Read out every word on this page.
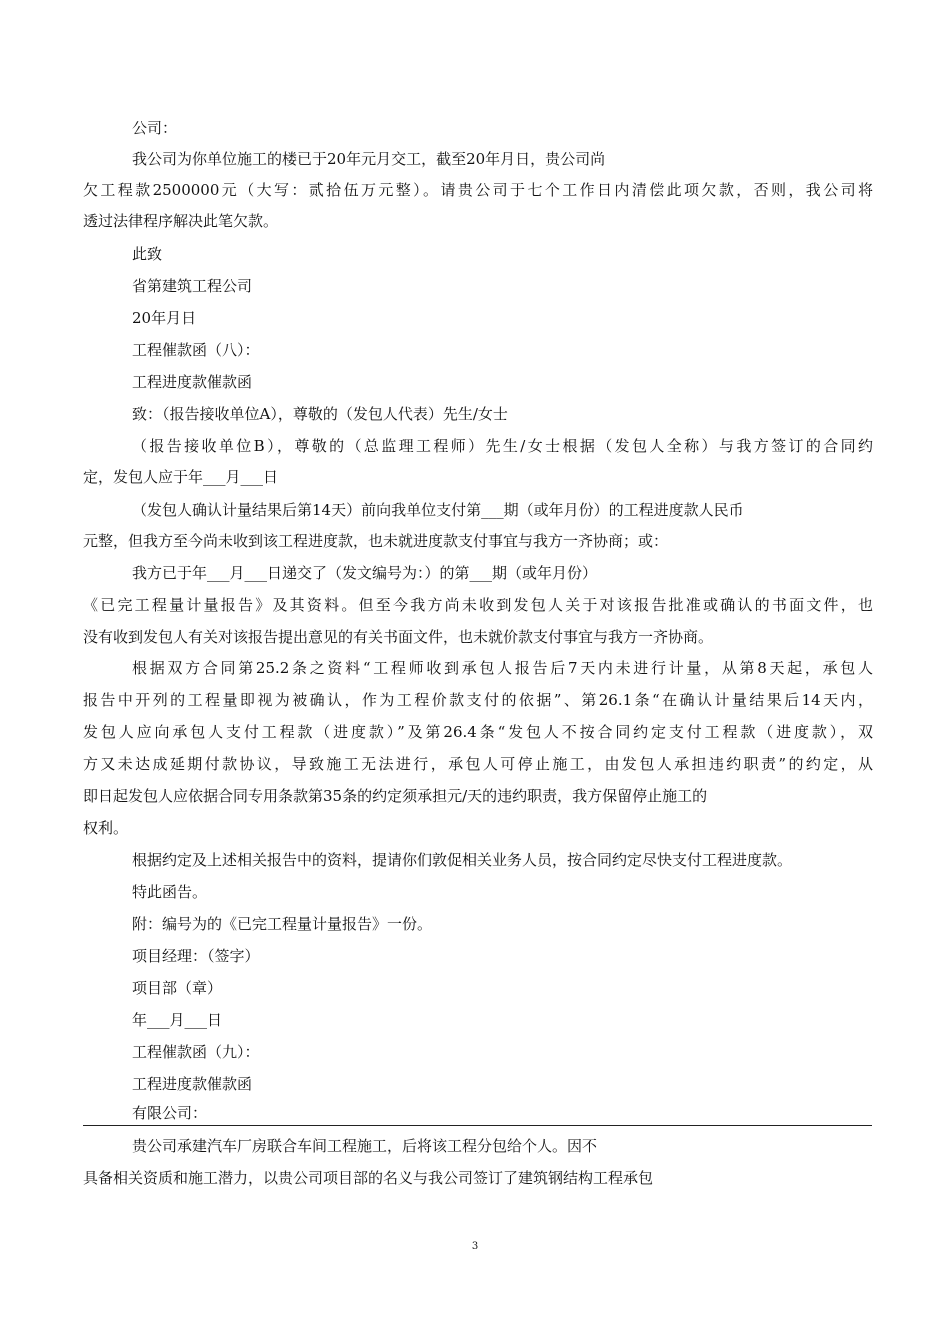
公司：
我公司为你单位施工的楼已于20年元月交工，截至20年月日，贵公司尚
欠工程款2500000元（大写：贰拾伍万元整）。请贵公司于七个工作日内清偿此项欠款，否则，我公司将
透过法律程序解决此笔欠款。
此致
省第建筑工程公司
20年月日
工程催款函（八）：
工程进度款催款函
致：（报告接收单位A），尊敬的（发包人代表）先生/女士
（报告接收单位B），尊敬的（总监理工程师）先生/女士根据（发包人全称）与我方签订的合同约
定，发包人应于年___月___日
（发包人确认计量结果后第14天）前向我单位支付第___期（或年月份）的工程进度款人民币
元整，但我方至今尚未收到该工程进度款，也未就进度款支付事宜与我方一齐协商；或：
我方已于年___月___日递交了（发文编号为：）的第___期（或年月份）
《已完工程量计量报告》及其资料。但至今我方尚未收到发包人关于对该报告批准或确认的书面文件，也
没有收到发包人有关对该报告提出意见的有关书面文件，也未就价款支付事宜与我方一齐协商。
根据双方合同第25.2条之资料“工程师收到承包人报告后7天内未进行计量，从第8天起，承包人
报告中开列的工程量即视为被确认，作为工程价款支付的依据”、第26.1条“在确认计量结果后14天内，
发包人应向承包人支付工程款（进度款）”及第26.4条“发包人不按合同约定支付工程款（进度款），双
方又未达成延期付款协议，导致施工无法进行，承包人可停止施工，由发包人承担违约职责”的约定，从
即日起发包人应依据合同专用条款第35条的约定须承担元/天的违约职责，我方保留停止施工的
权利。
根据约定及上述相关报告中的资料，提请你们敦促相关业务人员，按合同约定尽快支付工程进度款。
特此函告。
附：编号为的《已完工程量计量报告》一份。
项目经理：（签字）
项目部（章）
年___月___日
工程催款函（九）：
工程进度款催款函
有限公司：
贵公司承建汽车厂房联合车间工程施工，后将该工程分包给个人。因不
具备相关资质和施工潜力，以贵公司项目部的名义与我公司签订了建筑钢结构工程承包
3
